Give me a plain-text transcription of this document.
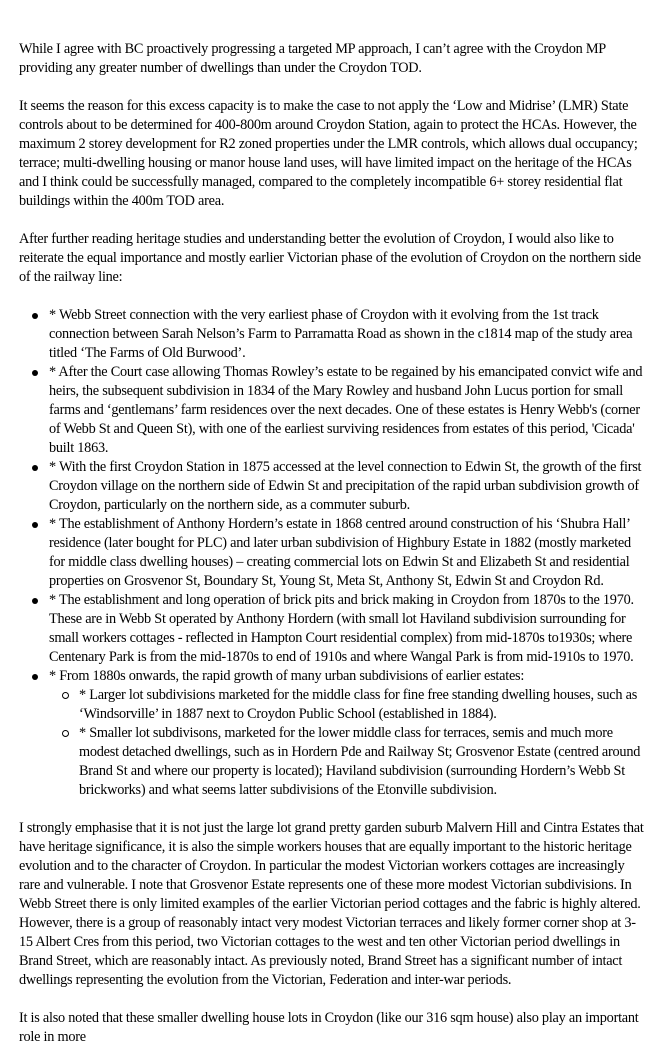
While I agree with BC proactively progressing a targeted MP approach, I can’t agree with the Croydon MP providing any greater number of dwellings than under the Croydon TOD.

It seems the reason for this excess capacity is to make the case to not apply the ‘Low and Midrise’ (LMR) State controls about to be determined for 400-800m around Croydon Station, again to protect the HCAs. However, the maximum 2 storey development for R2 zoned properties under the LMR controls, which allows dual occupancy; terrace; multi-dwelling housing or manor house land uses, will have limited impact on the heritage of the HCAs and I think could be successfully managed, compared to the completely incompatible 6+ storey residential flat buildings within the 400m TOD area.

After further reading heritage studies and understanding better the evolution of Croydon, I would also like to reiterate the equal importance and mostly earlier Victorian phase of the evolution of Croydon on the northern side of the railway line:

* Webb Street connection with the very earliest phase of Croydon with it evolving from the 1st track connection between Sarah Nelson’s Farm to Parramatta Road as shown in the c1814 map of the study area titled ‘The Farms of Old Burwood’.
* After the Court case allowing Thomas Rowley’s estate to be regained by his emancipated convict wife and heirs, the subsequent subdivision in 1834 of the Mary Rowley and husband John Lucus portion for small farms and ‘gentlemans’ farm residences over the next decades. One of these estates is Henry Webb's (corner of Webb St and Queen St), with one of the earliest surviving residences from estates of this period, 'Cicada' built 1863.
* With the first Croydon Station in 1875 accessed at the level connection to Edwin St, the growth of the first Croydon village on the northern side of Edwin St and precipitation of the rapid urban subdivision growth of Croydon, particularly on the northern side, as a commuter suburb.
* The establishment of Anthony Hordern’s estate in 1868 centred around construction of his ‘Shubra Hall’ residence (later bought for PLC) and later urban subdivision of Highbury Estate in 1882 (mostly marketed for middle class dwelling houses) – creating commercial lots on Edwin St and Elizabeth St and residential properties on Grosvenor St, Boundary St, Young St, Meta St, Anthony St, Edwin St and Croydon Rd.
* The establishment and long operation of brick pits and brick making in Croydon from 1870s to the 1970. These are in Webb St operated by Anthony Hordern (with small lot Haviland subdivision surrounding for small workers cottages - reflected in Hampton Court residential complex) from mid-1870s to1930s; where Centenary Park is from the mid-1870s to end of 1910s and where Wangal Park is from mid-1910s to 1970.
* From 1880s onwards, the rapid growth of many urban subdivisions of earlier estates:
* Larger lot subdivisions marketed for the middle class for fine free standing dwelling houses, such as ‘Windsorville’ in 1887 next to Croydon Public School (established in 1884).
* Smaller lot subdivisons, marketed for the lower middle class for terraces, semis and much more modest detached dwellings, such as in Hordern Pde and Railway St; Grosvenor Estate (centred around Brand St and where our property is located); Haviland subdivision (surrounding Hordern’s Webb St brickworks) and what seems latter subdivisions of the Etonville subdivision.

I strongly emphasise that it is not just the large lot grand pretty garden suburb Malvern Hill and Cintra Estates that have heritage significance, it is also the simple workers houses that are equally important to the historic heritage evolution and to the character of Croydon. In particular the modest Victorian workers cottages are increasingly rare and vulnerable. I note that Grosvenor Estate represents one of these more modest Victorian subdivisions. In Webb Street there is only limited examples of the earlier Victorian period cottages and the fabric is highly altered. However, there is a group of reasonably intact very modest Victorian terraces and likely former corner shop at 3-15 Albert Cres from this period, two Victorian cottages to the west and ten other Victorian period dwellings in Brand Street, which are reasonably intact. As previously noted, Brand Street has a significant number of intact dwellings representing the evolution from the Victorian, Federation and inter-war periods.

It is also noted that these smaller dwelling house lots in Croydon (like our 316 sqm house) also play an important role in more
